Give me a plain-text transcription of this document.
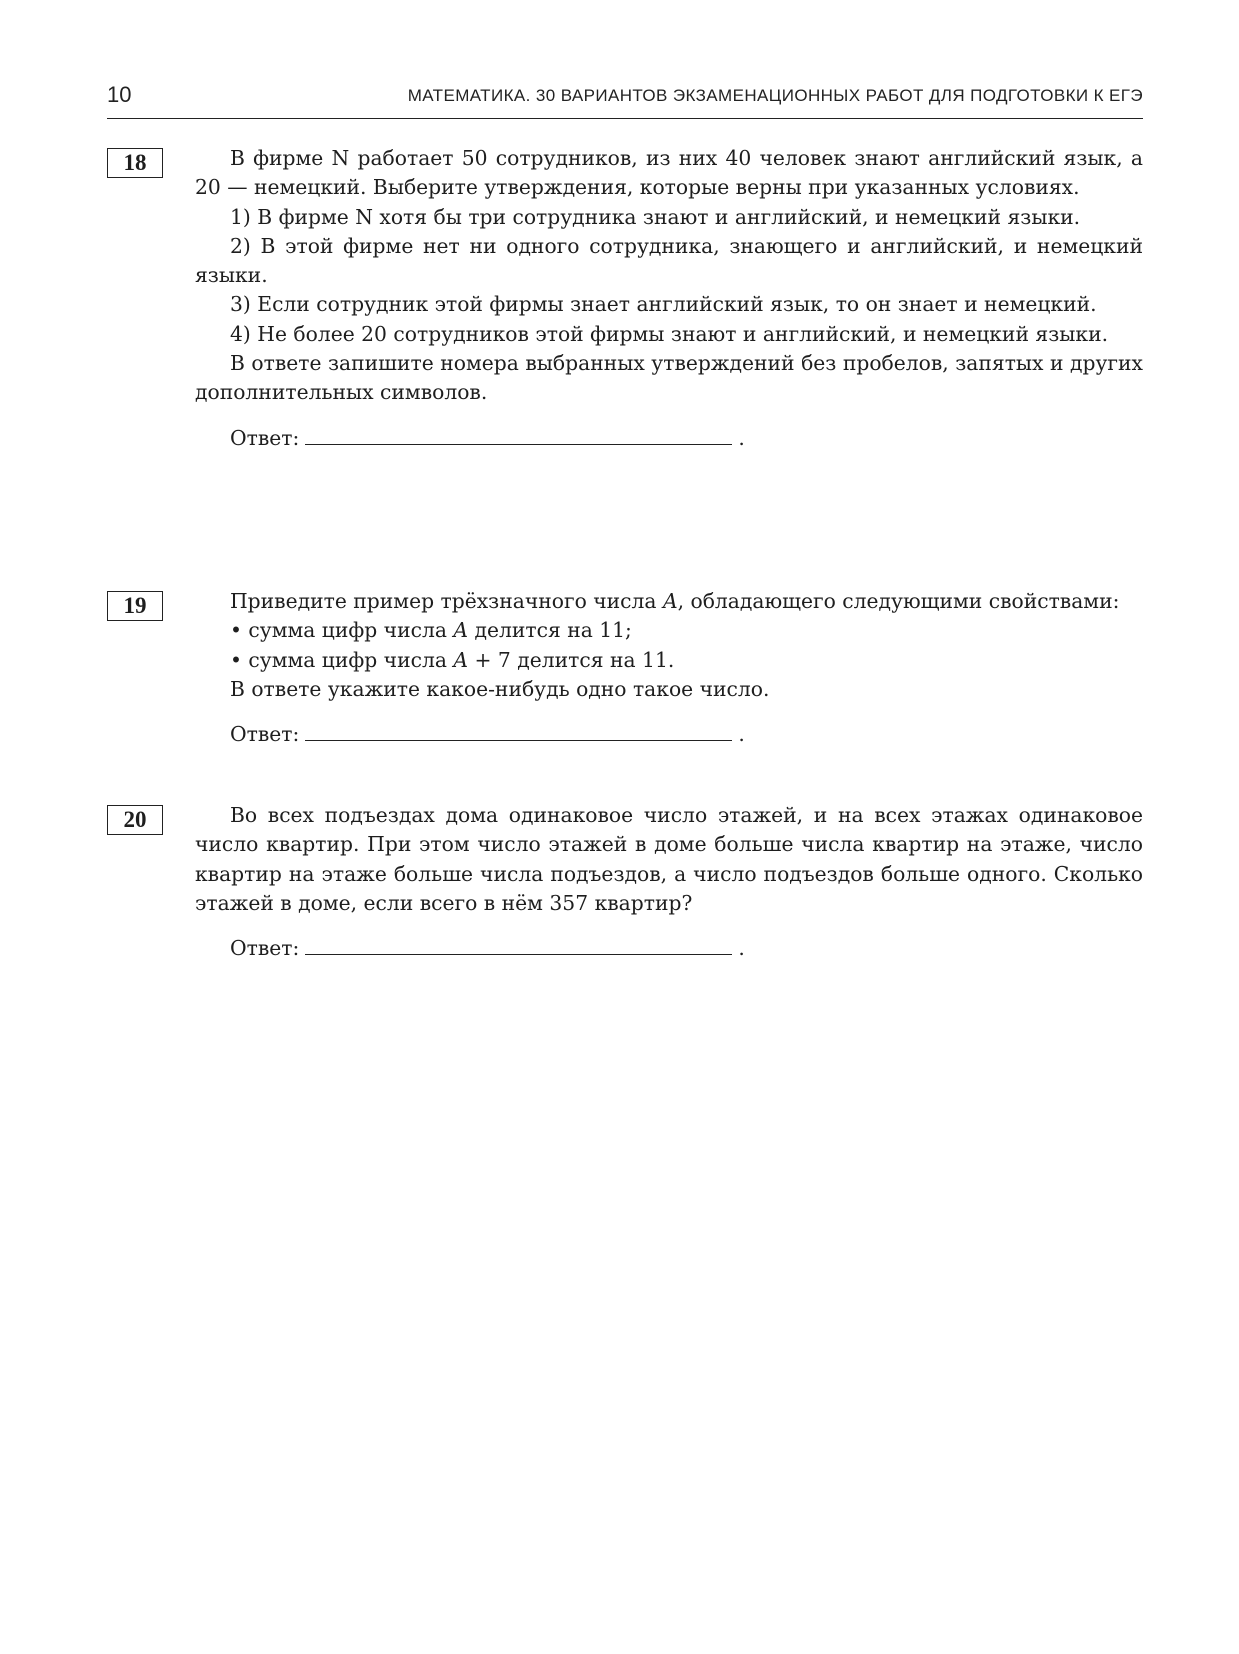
10	МАТЕМАТИКА. 30 ВАРИАНТОВ ЭКЗАМЕНАЦИОННЫХ РАБОТ ДЛЯ ПОДГОТОВКИ К ЕГЭ
18	В фирме N работает 50 сотрудников, из них 40 человек знают английский язык, а 20 — немецкий. Выберите утверждения, которые верны при указанных условиях.

1) В фирме N хотя бы три сотрудника знают и английский, и немецкий языки.

2) В этой фирме нет ни одного сотрудника, знающего и английский, и немецкий языки.

3) Если сотрудник этой фирмы знает английский язык, то он знает и немецкий.

4) Не более 20 сотрудников этой фирмы знают и английский, и немецкий языки.

В ответе запишите номера выбранных утверждений без пробелов, запятых и других дополнительных символов.

Ответ:	.
19	Приведите пример трёхзначного числа A, обладающего следующими свойствами:

• сумма цифр числа A делится на 11;

• сумма цифр числа A + 7 делится на 11.

В ответе укажите какое-нибудь одно такое число.

Ответ:	.
20	Во всех подъездах дома одинаковое число этажей, и на всех этажах одинаковое число квартир. При этом число этажей в доме больше числа квартир на этаже, число квартир на этаже больше числа подъездов, а число подъездов больше одного. Сколько этажей в доме, если всего в нём 357 квартир?

Ответ:	.
